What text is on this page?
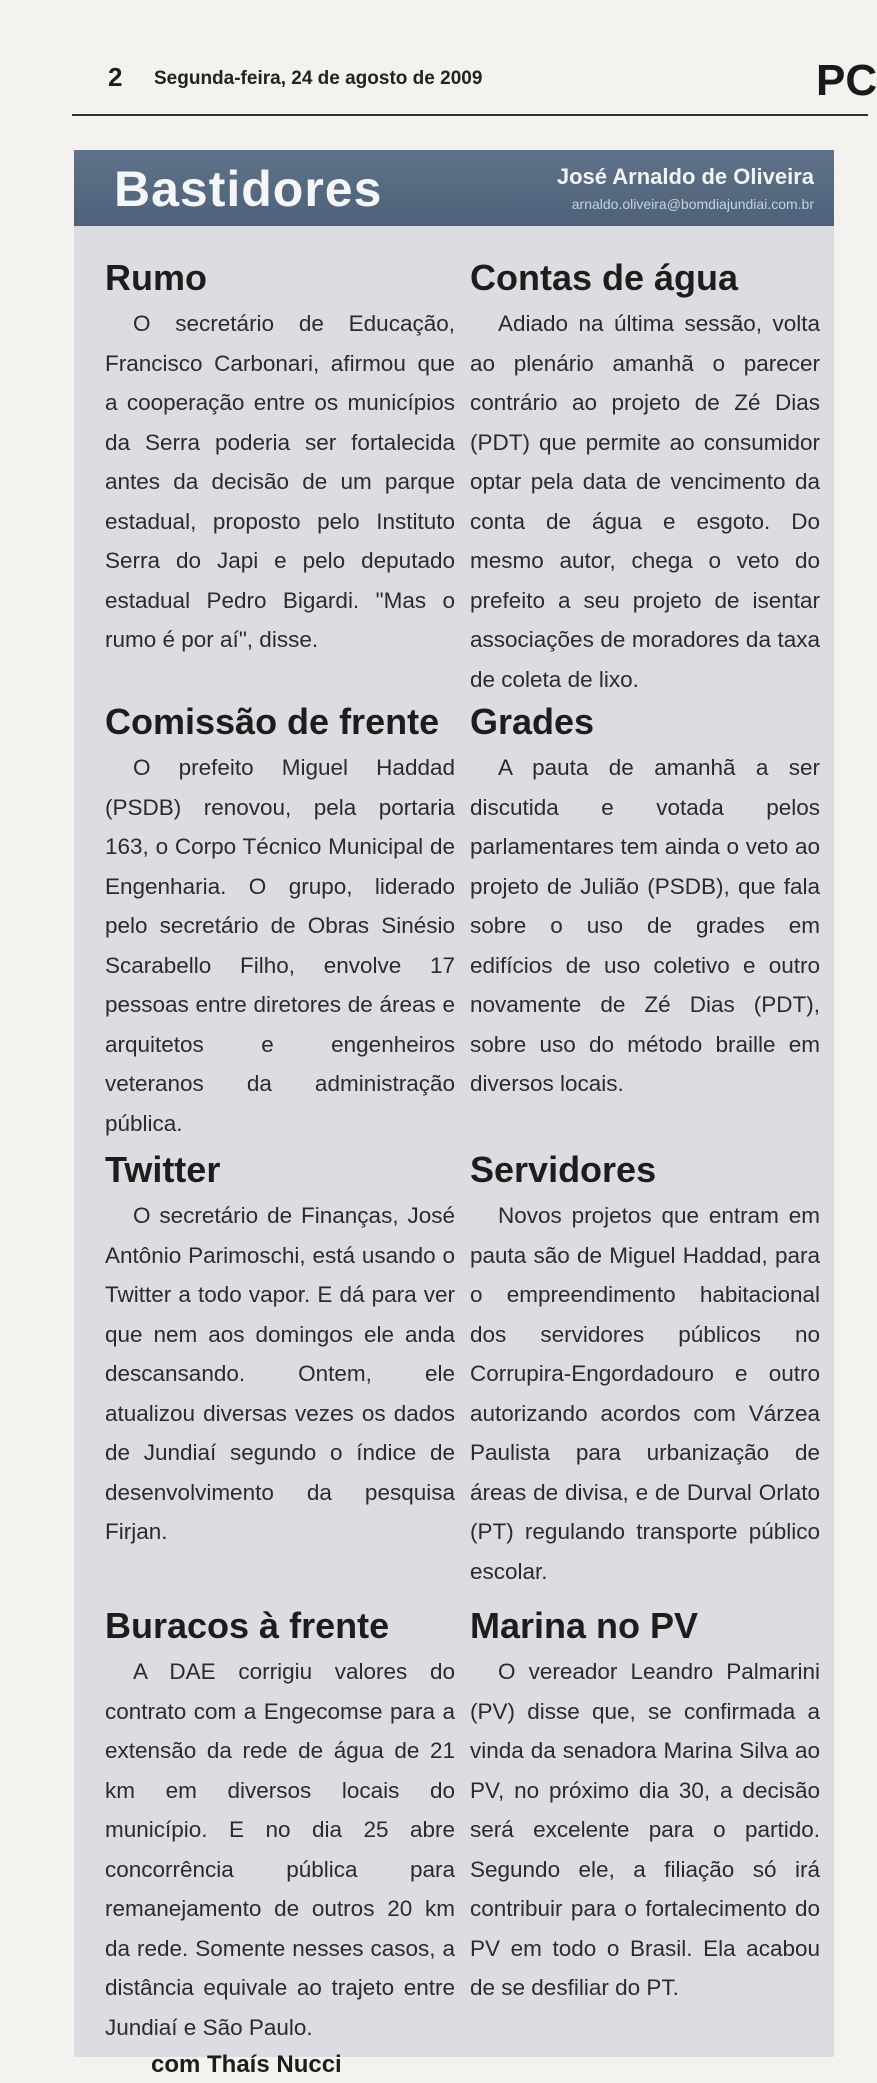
2 Segunda-feira, 24 de agosto de 2009	PC
Bastidores	José Arnaldo de Oliveira
arnaldo.oliveira@bomdiajundiai.com.br
Rumo

O secretário de Educação, Francisco Carbonari, afirmou que a cooperação entre os municípios da Serra poderia ser fortalecida antes da decisão de um parque estadual, proposto pelo Instituto Serra do Japi e pelo deputado estadual Pedro Bigardi. "Mas o rumo é por aí", disse.

Comissão de frente

O prefeito Miguel Haddad (PSDB) renovou, pela portaria 163, o Corpo Técnico Municipal de Engenharia. O grupo, liderado pelo secretário de Obras Sinésio Scarabello Filho, envolve 17 pessoas entre diretores de áreas e arquitetos e engenheiros veteranos da administração pública.

Twitter

O secretário de Finanças, José Antônio Parimoschi, está usando o Twitter a todo vapor. E dá para ver que nem aos domingos ele anda descansando. Ontem, ele atualizou diversas vezes os dados de Jundiaí segundo o índice de desenvolvimento da pesquisa Firjan.

Buracos à frente

A DAE corrigiu valores do contrato com a Engecomse para a extensão da rede de água de 21 km em diversos locais do município. E no dia 25 abre concorrência pública para remanejamento de outros 20 km da rede. Somente nesses casos, a distância equivale ao trajeto entre Jundiaí e São Paulo.

com Thaís Nucci
Contas de água

Adiado na última sessão, volta ao plenário amanhã o parecer contrário ao projeto de Zé Dias (PDT) que permite ao consumidor optar pela data de vencimento da conta de água e esgoto. Do mesmo autor, chega o veto do prefeito a seu projeto de isentar associações de moradores da taxa de coleta de lixo.

Grades

A pauta de amanhã a ser discutida e votada pelos parlamentares tem ainda o veto ao projeto de Julião (PSDB), que fala sobre o uso de grades em edifícios de uso coletivo e outro novamente de Zé Dias (PDT), sobre uso do método braille em diversos locais.

Servidores

Novos projetos que entram em pauta são de Miguel Haddad, para o empreendimento habitacional dos servidores públicos no Corrupira-Engordadouro e outro autorizando acordos com Várzea Paulista para urbanização de áreas de divisa, e de Durval Orlato (PT) regulando transporte público escolar.

Marina no PV

O vereador Leandro Palmarini (PV) disse que, se confirmada a vinda da senadora Marina Silva ao PV, no próximo dia 30, a decisão será excelente para o partido. Segundo ele, a filiação só irá contribuir para o fortalecimento do PV em todo o Brasil. Ela acabou de se desfiliar do PT.
